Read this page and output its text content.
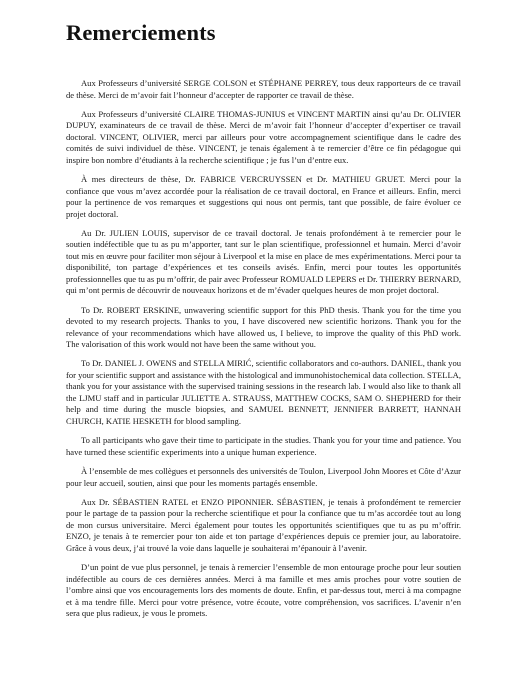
Remerciements

Aux Professeurs d’université SERGE COLSON et STÉPHANE PERREY, tous deux rapporteurs de ce travail de thèse. Merci de m’avoir fait l’honneur d’accepter de rapporter ce travail de thèse.

Aux Professeurs d’université CLAIRE THOMAS-JUNIUS et VINCENT MARTIN ainsi qu’au Dr. OLIVIER DUPUY, examinateurs de ce travail de thèse. Merci de m’avoir fait l’honneur d’accepter d’expertiser ce travail doctoral. VINCENT, OLIVIER, merci par ailleurs pour votre accompagnement scientifique dans le cadre des comités de suivi individuel de thèse. VINCENT, je tenais également à te remercier d’être ce fin pédagogue qui inspire bon nombre d’étudiants à la recherche scientifique ; je fus l’un d’entre eux.

À mes directeurs de thèse, Dr. FABRICE VERCRUYSSEN et Dr. MATHIEU GRUET. Merci pour la confiance que vous m’avez accordée pour la réalisation de ce travail doctoral, en France et ailleurs. Enfin, merci pour la pertinence de vos remarques et suggestions qui nous ont permis, tant que possible, de faire évoluer ce projet doctoral.

Au Dr. JULIEN LOUIS, supervisor de ce travail doctoral. Je tenais profondément à te remercier pour le soutien indéfectible que tu as pu m’apporter, tant sur le plan scientifique, professionnel et humain. Merci d’avoir tout mis en œuvre pour faciliter mon séjour à Liverpool et la mise en place de mes expérimentations. Merci pour ta disponibilité, ton partage d’expériences et tes conseils avisés. Enfin, merci pour toutes les opportunités professionnelles que tu as pu m’offrir, de pair avec Professeur ROMUALD LEPERS et Dr. THIERRY BERNARD, qui m’ont permis de découvrir de nouveaux horizons et de m’évader quelques heures de mon projet doctoral.

To Dr. ROBERT ERSKINE, unwavering scientific support for this PhD thesis. Thank you for the time you devoted to my research projects. Thanks to you, I have discovered new scientific horizons. Thank you for the relevance of your recommendations which have allowed us, I believe, to improve the quality of this PhD work. The valorisation of this work would not have been the same without you.

To Dr. DANIEL J. OWENS and STELLA MIRIĆ, scientific collaborators and co-authors. DANIEL, thank you for your scientific support and assistance with the histological and immunohistochemical data collection. STELLA, thank you for your assistance with the supervised training sessions in the research lab. I would also like to thank all the LJMU staff and in particular JULIETTE A. STRAUSS, MATTHEW COCKS, SAM O. SHEPHERD for their help and time during the muscle biopsies, and SAMUEL BENNETT, JENNIFER BARRETT, HANNAH CHURCH, KATIE HESKETH for blood sampling.

To all participants who gave their time to participate in the studies. Thank you for your time and patience. You have turned these scientific experiments into a unique human experience.

À l’ensemble de mes collègues et personnels des universités de Toulon, Liverpool John Moores et Côte d’Azur pour leur accueil, soutien, ainsi que pour les moments partagés ensemble.

Aux Dr. SÉBASTIEN RATEL et ENZO PIPONNIER. SÉBASTIEN, je tenais à profondément te remercier pour le partage de ta passion pour la recherche scientifique et pour la confiance que tu m’as accordée tout au long de mon cursus universitaire. Merci également pour toutes les opportunités scientifiques que tu as pu m’offrir. ENZO, je tenais à te remercier pour ton aide et ton partage d’expériences depuis ce premier jour, au laboratoire. Grâce à vous deux, j’ai trouvé la voie dans laquelle je souhaiterai m’épanouir à l’avenir.

D’un point de vue plus personnel, je tenais à remercier l’ensemble de mon entourage proche pour leur soutien indéfectible au cours de ces dernières années. Merci à ma famille et mes amis proches pour votre soutien de l’ombre ainsi que vos encouragements lors des moments de doute. Enfin, et par-dessus tout, merci à ma compagne et à ma tendre fille. Merci pour votre présence, votre écoute, votre compréhension, vos sacrifices. L’avenir n’en sera que plus radieux, je vous le promets.
